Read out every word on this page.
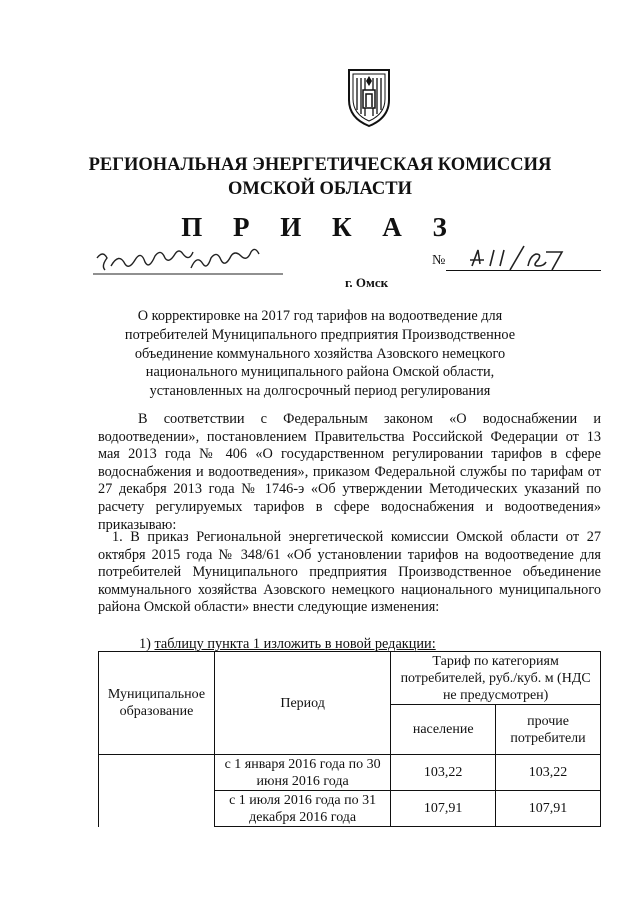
РЕГИОНАЛЬНАЯ ЭНЕРГЕТИЧЕСКАЯ КОМИССИЯ
ОМСКОЙ ОБЛАСТИ
П Р И К А З
г. Омск
№
О корректировке на 2017 год тарифов на водоотведение для
потребителей Муниципального предприятия Производственное
объединение коммунального хозяйства Азовского немецкого
национального муниципального района Омской области,
установленных на долгосрочный период регулирования
В соответствии с Федеральным законом «О водоснабжении и водоотведении», постановлением Правительства Российской Федерации от 13 мая 2013 года № 406 «О государственном регулировании тарифов в сфере водоснабжения и водоотведения», приказом Федеральной службы по тарифам от 27 декабря 2013 года № 1746-э «Об утверждении Методических указаний по расчету регулируемых тарифов в сфере водоснабжения и водоотведения» приказываю:
1. В приказ Региональной энергетической комиссии Омской области от 27 октября 2015 года № 348/61 «Об установлении тарифов на водоотведение для потребителей Муниципального предприятия Производственное объединение коммунального хозяйства Азовского немецкого национального муниципального района Омской области» внести следующие изменения:
1) таблицу пункта 1 изложить в новой редакции:
Муниципальное образование	Период	Тариф по категориям потребителей, руб./куб. м (НДС не предусмотрен)	
		население	прочие потребители
	с 1 января 2016 года по 30 июня 2016 года	103,22	103,22
	с 1 июля 2016 года по 31 декабря 2016 года	107,91	107,91
